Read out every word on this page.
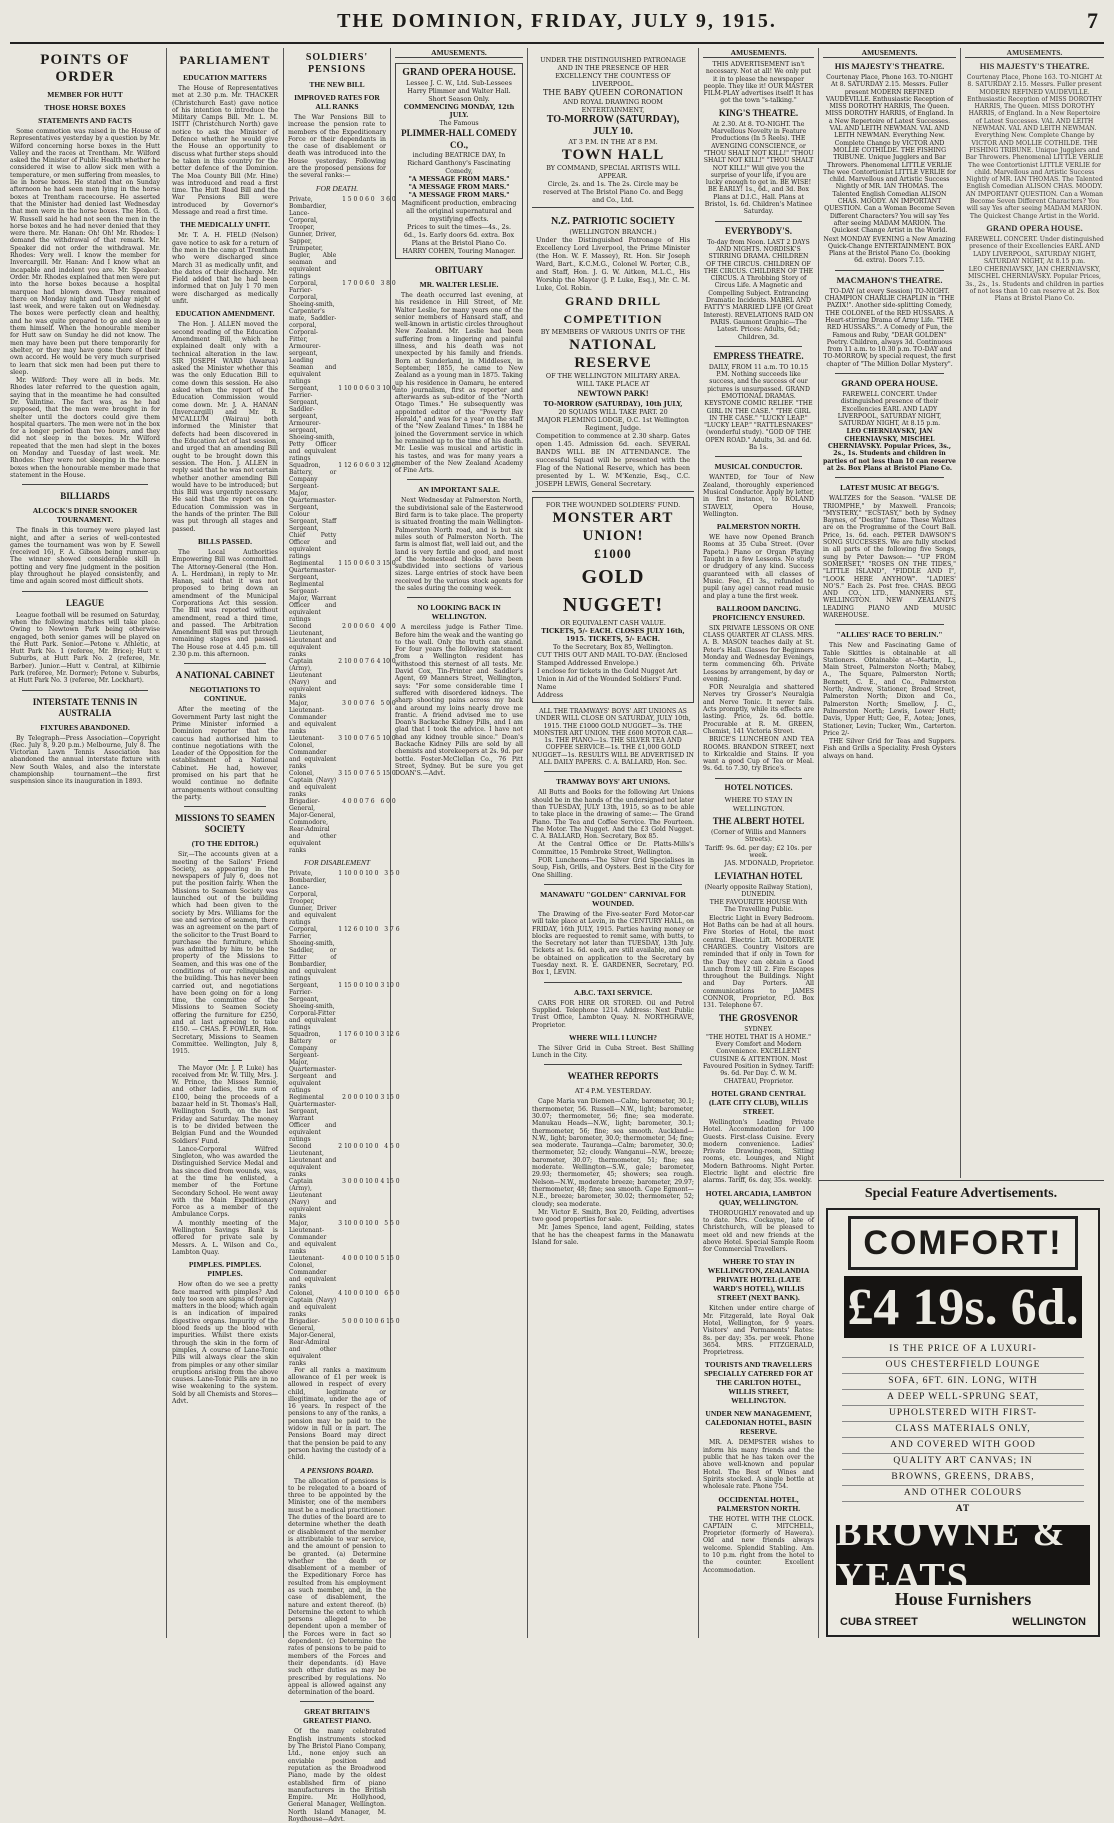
THE DOMINION, FRIDAY, JULY 9, 1915.	7
POINTS OF ORDER
MEMBER FOR HUTT
THOSE HORSE BOXES
STATEMENTS AND FACTS

Some commotion was raised in the House of Representatives yesterday by a question by Mr. Wilford concerning horse boxes in the Hutt Valley and the races at Trentham. Mr. Wilford asked the Minister of Public Health whether he considered it wise to allow sick men with a temperature, or men suffering from measles, to lie in horse boxes. He stated that on Sunday afternoon he had seen men lying in the horse boxes at Trentham racecourse. He asserted that the Minister had denied last Wednesday that men were in the horse boxes. The Hon. G. W. Russell said he had not seen the men in the horse boxes and he had never denied that they were there. Mr. Hanan: Oh! Oh! Mr. Rhodes: I demand the withdrawal of that remark. Mr. Speaker did not order the withdrawal. Mr. Rhodes: Very well. I know the member for Invercargill. Mr. Hanan: And I know what an incapable and indolent you are. Mr. Speaker: Order. Mr. Rhodes explained that men were put into the horse boxes because a hospital marquee had blown down. They remained there on Monday night and Tuesday night of last week, and were taken out on Wednesday. The boxes were perfectly clean and healthy, and he was quite prepared to go and sleep in them himself. When the honourable member for Hutt saw on Sunday he did not know. The men may have been put there temporarily for shelter, or they may have gone there of their own accord. He would be very much surprised to learn that sick men had been put there to sleep.

Mr. Wilford: They were all in beds. Mr. Rhodes later referred to the question again, saying that in the meantime he had consulted Dr. Valintine. The fact was, as he had supposed, that the men were brought in for shelter until the doctors could give them hospital quarters. The men were not in the box for a longer period than two hours, and they did not sleep in the boxes. Mr. Wilford repeated that the men had slept in the boxes on Monday and Tuesday of last week. Mr. Rhodes: They were not sleeping in the horse boxes when the honourable member made that statement in the House.

BILLIARDS
ALCOCK'S DINER SNOOKER TOURNAMENT.

The finals in this tourney were played last night, and after a series of well-contested games the tournament was won by F. Sewell (received 16), F. A. Gibson being runner-up. The winner showed considerable skill in potting and very fine judgment in the position play throughout he played consistently, and time and again scored most difficult shots.

LEAGUE

League football will be resumed on Saturday, when the following matches will take place. Owing to Newtown Park being otherwise engaged, both senior games will be played on the Hutt Park. Senior.—Petone v. Athletic, at Hutt Park No. 1 (referee, Mr. Brice); Hutt v. Suburbs, at Hutt Park No. 2 (referee, Mr. Barber). Junior.—Hutt v. Central, at Kilbirnie Park (referee, Mr. Dormer); Petone v. Suburbs, at Hutt Park No. 3 (referee, Mr. Lockhart).

INTERSTATE TENNIS IN AUSTRALIA
FIXTURES ABANDONED.

By Telegraph—Press Association—Copyright (Rec. July 8, 9.20 p.m.) Melbourne, July 8. The Victorian Lawn Tennis Association has abandoned the annual interstate fixture with New South Wales, and also the interstate championship tournament—the first suspension since its inauguration in 1893.

PARLIAMENT
EDUCATION MATTERS

The House of Representatives met at 2.30 p.m. Mr. THACKER (Christchurch East) gave notice of his intention to introduce the Military Camps Bill. Mr. L. M. ISITT (Christchurch North) gave notice to ask the Minister of Defence whether he would give the House an opportunity to discuss what further steps should be taken in this country for the better defence of the Dominion. The Moa County Bill (Mr. Hine) was introduced and read a first time. The Hutt Road Bill and the War Pensions Bill were introduced by Governor's Message and read a first time.

THE MEDICALLY UNFIT.

Mr. T. A. H. FIELD (Nelson) gave notice to ask for a return of the men in the camp at Trentham who were discharged since March 31 as medically unfit, and the dates of their discharge. Mr. Field added that he had been informed that on July 1 70 men were discharged as medically unfit.

EDUCATION AMENDMENT.

The Hon. J. ALLEN moved the second reading of the Education Amendment Bill, which he explained dealt only with a technical alteration in the law. SIR JOSEPH WARD (Awarua) asked the Minister whether this was the only Education Bill to come down this session. He also asked when the report of the Education Commission would come down. Mr. J. A. HANAN (Invercargill) and Mr. R. M'CALLUM (Wairau) both informed the Minister that defects had been discovered in the Education Act of last session, and urged that an amending Bill ought to be brought down this session. The Hon. J. ALLEN in reply said that he was not certain whether another amending Bill would have to be introduced; but this Bill was urgently necessary. He said that the report on the Education Commission was in the hands of the printer. The Bill was put through all stages and passed.

BILLS PASSED.

The Local Authorities Empowering Bill was committed. The Attorney-General (the Hon. A. L. Herdman), in reply to Mr. Hanan, said that it was not proposed to bring down an amendment of the Municipal Corporations Act this session. The Bill was reported without amendment, read a third time, and passed. The Arbitration Amendment Bill was put through remaining stages and passed. The House rose at 4.45 p.m. till 2.30 p.m. this afternoon.

A NATIONAL CABINET
NEGOTIATIONS TO CONTINUE.

After the meeting of the Government Party last night the Prime Minister informed a Dominion reporter that the caucus had authorised him to continue negotiations with the Leader of the Opposition for the establishment of a National Cabinet. He had, however, promised on his part that he would continue no definite arrangements without consulting the party.

MISSIONS TO SEAMEN SOCIETY
(TO THE EDITOR.)

Sir,—The accounts given at a meeting of the Sailors' Friend Society, as appearing in the newspapers of July 6, does not put the position fairly. When the Missions to Seamen Society was launched out of the building which had been given to the society by Mrs. Williams for the use and service of seamen, there was an agreement on the part of the solicitor to the Trust Board to purchase the furniture, which was admitted by him to be the property of the Missions to Seamen, and this was one of the conditions of our relinquishing the building. This has never been carried out, and negotiations have been going on for a long time, the committee of the Missions to Seamen Society offering the furniture for £250, and at last agreeing to take £150. — CHAS. F. FOWLER, Hon. Secretary, Missions to Seamen Committee. Wellington, July 8, 1915.

The Mayor (Mr. J. P. Luke) has received from Mr. W. Tilly, Mrs. J. W. Prince, the Misses Rennie, and other ladies, the sum of £100, being the proceeds of a bazaar held in St. Thomas's Hall, Wellington South, on the last Friday and Saturday. The money is to be divided between the Belgian Fund and the Wounded Soldiers' Fund.

Lance-Corporal Wilfred Singleton, who was awarded the Distinguished Service Medal and has since died from wounds, was, at the time he enlisted, a member of the Fortune Secondary School. He went away with the Main Expeditionary Force as a member of the Ambulance Corps.

A monthly meeting of the Wellington Savings Bank is offered for private sale by Messrs. A. L. Wilson and Co., Lambton Quay.

PIMPLES. PIMPLES. PIMPLES.

How often do we see a pretty face marred with pimples? And only too soon are signs of foreign matters in the blood; which again is an indication of impaired digestive organs. Impurity of the blood feeds up the blood with impurities. Whilst there exists through the skin in the form of pimples, A course of Lane-Tonic Pills will always clear the skin from pimples or any other similar eruptions arising from the above causes. Lane-Tonic Pills are in no wise weakening to the system. Sold by all Chemists and Stores—Advt.

SOLDIERS' PENSIONS
THE NEW BILL
IMPROVED RATES FOR ALL RANKS

The War Pensions Bill to increase the pension rate to members of the Expeditionary Force or their dependants in the case of disablement or death was introduced into the House yesterday. Following are the proposed pensions for the several ranks:—

FOR DEATH.
Private, Bombardier, Lance-Corporal, Trooper, Gunner, Driver, Sapper, Trumpeter, Bugler, Able seaman and equivalent ratings	1 5 0	0 6 0	3 6 0
Corporal, Farrier-Corporal, Shoeing-smith, Carpenter's mate, Saddler-corporal, Corporal-Fitter, Armourer-sergeant, Leading Seaman and equivalent ratings	1 7 0	0 6 0	3 8 0
Sergeant, Farrier-Sergeant, Saddler-sergeant, Armourer-sergeant, Shoeing-smith, Petty Officer and equivalent ratings	1 10 0	0 6 0	3 10 0
Squadron, Battery, or Company Sergeant-Major, Quartermaster-Sergeant, Colour Sergeant, Staff Sergeant, Chief Petty Officer and equivalent ratings	1 12 6	0 6 0	3 12 6
Regimental Quartermaster-Sergeant, Regimental Sergeant-Major, Warrant Officer and equivalent ratings	1 15 0	0 6 0	3 15 0
Second Lieutenant, Lieutenant and equivalent ranks	2 0 0	0 6 0	4 0 0
Captain (Army), Lieutenant (Navy) and equivalent ranks	2 10 0	0 7 6	4 10 0
Major, Lieutenant-Commander and equivalent ranks	3 0 0	0 7 6	5 0 0
Lieutenant-Colonel, Commander and equivalent ranks	3 10 0	0 7 6	5 10 0
Colonel, Captain (Navy) and equivalent ranks	3 15 0	0 7 6	5 15 0
Brigadier-General, Major-General, Commodore, Rear-Admiral and other equivalent ranks	4 0 0	0 7 6	6 0 0
FOR DISABLEMENT
Private, Bombardier, Lance-Corporal, Trooper, Gunner, Driver and equivalent ratings	1 10 0	0 10 0	3 5 0
Corporal, Farrier, Shoeing-smith, Saddler, or Fitter of Bombardier, and equivalent ratings	1 12 6	0 10 0	3 7 6
Sergeant, Farrier-Sergeant, Shoeing-smith, Corporal-Fitter and equivalent ratings	1 15 0	0 10 0	3 10 0
Squadron, Battery or Company Sergeant-Major, Quartermaster-Sergeant and equivalent ratings	1 17 6	0 10 0	3 12 6
Regimental Quartermaster-Sergeant, Warrant Officer and equivalent ratings	2 0 0	0 10 0	3 15 0
Second Lieutenant, Lieutenant and equivalent ranks	2 10 0	0 10 0	4 5 0
Captain (Army), Lieutenant (Navy) and equivalent ranks	3 0 0	0 10 0	4 15 0
Major, Lieutenant-Commander and equivalent ranks	3 10 0	0 10 0	5 5 0
Lieutenant-Colonel, Commander and equivalent ranks	4 0 0	0 10 0	5 15 0
Colonel, Captain (Navy) and equivalent ranks	4 10 0	0 10 0	6 5 0
Brigadier-General, Major-General, Rear-Admiral and other equivalent ranks	5 0 0	0 10 0	6 15 0

For all ranks a maximum allowance of £1 per week is allowed in respect of every child, legitimate or illegitimate, under the age of 16 years. In respect of the pensions to any of the ranks, a pension may be paid to the widow in full or in part. The Pensions Board may direct that the pension be paid to any person having the custody of a child.

A PENSIONS BOARD.

The allocation of pensions is to be relegated to a board of three to be appointed by the Minister, one of the members must be a medical practitioner. The duties of the board are to determine whether the death or disablement of the member is attributable to war service, and the amount of pension to be granted. (a) Determine whether the death or disablement of a member of the Expeditionary Force has resulted from his employment as such member, and, in the case of disablement, the nature and extent thereof. (b) Determine the extent to which persons alleged to be dependent upon a member of the Forces were in fact so dependent. (c) Determine the rates of pensions to be paid to members of the Forces and their dependants. (d) Have such other duties as may be prescribed by regulations. No appeal is allowed against any determination of the board.

GREAT BRITAIN'S GREATEST PIANO.

Of the many celebrated English instruments stocked by The Bristol Piano Company, Ltd., none enjoy such an enviable position and reputation as the Broadwood Piano, made by the oldest established firm of piano manufacturers in the British Empire. Mr. Hollyhood, General Manager, Wellington. North Island Manager, M. Roydhouse—Advt.

AMUSEMENTS.
GRAND OPERA HOUSE.
Lessee J. C. W., Ltd. Sub-Lessees Harry Plimmer and Walter Hall.
Short Season Only.
COMMENCING MONDAY, 12th JULY.
The Famous
PLIMMER-HALL COMEDY CO.,
including BEATRICE DAY, In Richard Ganthony's Fascinating Comedy,
"A MESSAGE FROM MARS."
"A MESSAGE FROM MARS."
"A MESSAGE FROM MARS."
Magnificent production, embracing all the original supernatural and mystifying effects.
Prices to suit the times—4s., 2s. 6d., 1s. Early doors 6d. extra. Box Plans at the Bristol Piano Co. HARRY COHEN, Touring Manager.
OBITUARY
MR. WALTER LESLIE.

The death occurred last evening, at his residence in Hill Street, of Mr. Walter Leslie, for many years one of the senior members of Hansard staff, and well-known in artistic circles throughout New Zealand. Mr. Leslie had been suffering from a lingering and painful illness, and his death was not unexpected by his family and friends. Born at Sunderland, in Middlesex, in September, 1855, he came to New Zealand as a young man in 1875. Taking up his residence in Oamaru, he entered into journalism, first as reporter and afterwards as sub-editor of the "North Otago Times." He subsequently was appointed editor of the "Poverty Bay Herald," and was for a year on the staff of the "New Zealand Times." In 1884 he joined the Government service in which he remained up to the time of his death. Mr. Leslie was musical and artistic in his tastes, and was for many years a member of the New Zealand Academy of Fine Arts.

AN IMPORTANT SALE.

Next Wednesday at Palmerston North, the subdivisional sale of the Easterwood Bird farm is to take place. The property is situated fronting the main Wellington-Palmerston North road, and is but six miles south of Palmerston North. The farm is almost flat, well laid out, and the land is very fertile and good, and most of the homestead blocks have been subdivided into sections of various sizes. Large entries of stock have been received by the various stock agents for the sales during the coming week.

NO LOOKING BACK IN WELLINGTON.

A merciless judge is Father Time. Before him the weak and the wanting go to the wall. Only the truth can stand. For four years the following statement from a Wellington resident has withstood this sternest of all tests. Mr. David Cox, Tin-Printer and Saddler's Agent, 69 Manners Street, Wellington, says: "For some considerable time I suffered with disordered kidneys. The sharp shooting pains across my back and around my loins nearly drove me frantic. A friend advised me to use Doan's Backache Kidney Pills, and I am glad that I took the advice. I have not had any kidney trouble since." Doan's Backache Kidney Pills are sold by all chemists and storekeepers at 2s. 9d. per bottle. Foster-McClellan Co., 76 Pitt Street, Sydney. But be sure you get DOAN'S.—Advt.

UNDER THE DISTINGUISHED PATRONAGE AND IN THE PRESENCE OF HER EXCELLENCY THE COUNTESS OF LIVERPOOL.
THE BABY QUEEN CORONATION
AND ROYAL DRAWING ROOM ENTERTAINMENT,
TO-MORROW (SATURDAY), JULY 10.
AT 3 P.M. IN THE AT 8 P.M.
TOWN HALL
BY COMMAND, SPECIAL ARTISTS WILL APPEAR.
Circle, 2s. and 1s. The 2s. Circle may be reserved at The Bristol Piano Co. and Begg and Co., Ltd.
N.Z. PATRIOTIC SOCIETY
(WELLINGTON BRANCH.)
Under the Distinguished Patronage of His Excellency Lord Liverpool, the Prime Minister (the Hon. W. F. Massey), Rt. Hon. Sir Joseph Ward, Bart., K.C.M.G., Colonel W. Porter, C.B., and Staff, Hon. J. G. W. Aitken, M.L.C., His Worship the Mayor (J. P. Luke, Esq.), Mr. C. M. Luke, Col. Robin.
GRAND DRILL COMPETITION
BY MEMBERS OF VARIOUS UNITS OF THE
NATIONAL RESERVE
OF THE WELLINGTON MILITARY AREA.
WILL TAKE PLACE AT
NEWTOWN PARK!
TO-MORROW (SATURDAY), 10th JULY,
20 SQUADS WILL TAKE PART. 20
MAJOR FLEMING LODGE, O.C. 1st Wellington Regiment, Judge.
Competition to commence at 2.30 sharp. Gates open 1.45. Admission 6d. each. SEVERAL BANDS WILL BE IN ATTENDANCE. The successful Squad will be presented with the Flag of the National Reserve, which has been presented by L. W. M'Kenzie, Esq., C.C. JOSEPH LEWIS, General Secretary.
FOR THE WOUNDED SOLDIERS' FUND.
MONSTER ART UNION!
£1000
GOLD NUGGET!
OR EQUIVALENT CASH VALUE.
TICKETS, 5/- EACH. CLOSES JULY 16th, 1915. TICKETS, 5/- EACH.
To the Secretary, Box 85, Wellington.
CUT THIS OUT AND MAIL TO-DAY. (Enclosed Stamped Addressed Envelope.)
I enclose for tickets in the Gold Nugget Art Union in Aid of the Wounded Soldiers' Fund.
Name
Address

ALL THE TRAMWAYS' BOYS' ART UNIONS AS UNDER WILL CLOSE ON SATURDAY, JULY 10th, 1915. THE £1000 GOLD NUGGET—3s. THE MONSTER ART UNION. THE £600 MOTOR CAR—1s. THE PIANO—1s. THE SILVER TEA AND COFFEE SERVICE—1s. THE £1,000 GOLD NUGGET—1s. RESULTS WILL BE ADVERTISED IN ALL DAILY PAPERS. C. A. BALLARD, Hon. Sec.

TRAMWAY BOYS' ART UNIONS.

All Butts and Books for the following Art Unions should be in the hands of the undersigned not later than TUESDAY, JULY 13th, 1915, so as to be able to take place in the drawing of same:— The Grand Piano. The Tea and Coffee Service. The Fourteen. The Motor. The Nugget. And the £3 Gold Nugget. C. A. BALLARD, Hon. Secretary, Box 85.

At the Central Office or Dr. Platts-Mills's Committee, 15 Pembroke Street, Wellington.

FOR Luncheons—The Silver Grid Specialises in Soup, Fish, Grills, and Oysters. Best in the City for One Shilling.

MANAWATU "GOLDEN" CARNIVAL FOR WOUNDED.

The Drawing of the Five-seater Ford Motor-car will take place at Levin, in the CENTURY HALL, on FRIDAY, 16th JULY, 1915. Parties having money or blocks are requested to remit same, with butts, to the Secretary not later than TUESDAY, 13th July. Tickets at 1s. 6d. each, are still available, and can be obtained on application to the Secretary by Tuesday next. R. E. GARDENER, Secretary, P.O. Box 1, LEVIN.

A.B.C. TAXI SERVICE.

CARS FOR HIRE OR STORED. Oil and Petrol Supplied. Telephone 1214. Address: Next Public Trust Office, Lambton Quay. N. NORTHGRAVE, Proprietor.

WHERE WILL I LUNCH?

The Silver Grid in Cuba Street. Best Shilling Lunch in the City.

WEATHER REPORTS
AT 4 P.M. YESTERDAY.

Cape Maria van Diemen—Calm; barometer, 30.1; thermometer, 56. Russell—N.W., light; barometer, 30.07; thermometer, 56; fine; sea moderate. Manukau Heads—N.W., light; barometer, 30.1; thermometer, 56; fine; sea smooth. Auckland—N.W., light; barometer, 30.0; thermometer, 54; fine; sea moderate. Tauranga—Calm; barometer, 30.0; thermometer, 52; cloudy. Wanganui—N.W., breeze; barometer, 30.07; thermometer, 51; fine; sea moderate. Wellington—S.W., gale; barometer, 29.93; thermometer, 45; showers; sea rough. Nelson—N.W., moderate breeze; barometer, 29.97; thermometer, 48; fine; sea smooth. Cape Egmont—N.E., breeze; barometer, 30.02; thermometer, 52; cloudy; sea moderate.

Mr. Victor E. Smith, Box 20, Feilding, advertises two good properties for sale.

Mr. James Spence, land agent, Feilding, states that he has the cheapest farms in the Manawatu Island for sale.

AMUSEMENTS.

THIS ADVERTISEMENT isn't necessary. Not at all! We only put it in to please the newspaper people. They like it! OUR MASTER FILM-PLAY advertises itself! It has got the town "s-talking."

KING'S THEATRE.

At 2.30. At 8. TO-NIGHT. The Marvellous Novelty in Feature Productions (In 5 Reels). THE AVENGING CONSCIENCE, or "THOU SHALT NOT KILL!" "THOU SHALT NOT KILL!" "THOU SHALT NOT KILL!" Will give you the surprise of your life, if you are lucky enough to get in. BE WISE! BE EARLY! 1s., 6d., and 3d. Box Plans at D.I.C., Hall. Plans at Bristol, 1s. 6d. Children's Matinee Saturday.

EVERYBODY'S.

To-day from Noon. LAST 2 DAYS AND NIGHTS. NORDISK'S STIRRING DRAMA. CHILDREN OF THE CIRCUS. CHILDREN OF THE CIRCUS. CHILDREN OF THE CIRCUS. A Throbbing Story of Circus Life. A Magnetic and Compelling Subject. Entrancing Dramatic Incidents. MABEL AND FATTY'S MARRIED LIFE (Of Great Interest). REVELATIONS RAID ON PARIS. Gaumont Graphic—The Latest. Prices: Adults, 6d.; Children, 3d.

EMPRESS THEATRE.

DAILY, FROM 11 a.m. TO 10.15 P.M. Nothing succeeds like success, and the success of our pictures is unsurpassed. GRAND EMOTIONAL DRAMAS. KEYSTONE COMIC RELIEF. "THE GIRL IN THE CASE." "THE GIRL IN THE CASE." "LUCKY LEAP." "LUCKY LEAP." "RATTLESNAKES" (wonderful study). "GOD OF THE OPEN ROAD." Adults, 3d. and 6d. Ba 1s.

MUSICAL CONDUCTOR.

WANTED, for Tour of New Zealand, thoroughly experienced Musical Conductor. Apply by letter, in first instance, to ROLAND STAVELY, Opera House, Wellington.

PALMERSTON NORTH.

WE have now Opened Branch Rooms at 35 Cuba Street. (Over Papeta.) Piano or Organ Playing Taught in a few Lessons. No study or drudgery of any kind. Success guaranteed with all classes of Music. Fee, £1 3s., refunded to pupil (any age) cannot read music and play a tune the first week.

BALLROOM DANCING. PROFICIENCY ENSURED.

SIX PRIVATE LESSONS OR ONE CLASS QUARTER AT CLASS. MRS. A. B. MASON teaches daily at St. Peter's Hall. Classes for Beginners Monday and Wednesday Evenings, term commencing 6th. Private Lessons by arrangement, by day or evening.

FOR Neuralgia and shattered Nerves try Grosser's Neuralgia and Nerve Tonic. It never fails. Acts promptly, while its effects are lasting. Price, 2s. 6d. bottle. Procurable at R. M. GREEN, Chemist, 141 Victoria Street.

BRICE'S LUNCHEON AND TEA ROOMS. BRANDON STREET, next to Kirkcaldie and Stains. If you want a good Cup of Tea or Meal. 9s. 6d. to 7.30, try Brice's.

HOTEL NOTICES.
WHERE TO STAY IN WELLINGTON.
THE ALBERT HOTEL

(Corner of Willis and Manners Streets).

Tariff: 9s. 6d. per day; £2 10s. per week.

JAS. M'DONALD, Proprietor.

LEVIATHAN HOTEL

(Nearly opposite Railway Station), DUNEDIN.

THE FAVOURITE HOUSE With The Travelling Public.

Electric Light in Every Bedroom. Hot Baths can be had at all hours. Five Stories of Hotel, the most central. Electric Lift. MODERATE CHARGES. Country Visitors are reminded that if only in Town for the Day they can obtain a Good Lunch from 12 till 2. Fire Escapes throughout the Buildings. Night and Day Porters. All communications to JAMES CONNOR, Proprietor, P.O. Box 131. Telephone 67.

THE GROSVENOR

SYDNEY.

"THE HOTEL THAT IS A HOME." Every Comfort and Modern Convenience. EXCELLENT CUISINE & ATTENTION. Most Favoured Position in Sydney. Tariff: 9s. 6d. Per Day. C. W. M. CHATEAU, Proprietor.

HOTEL GRAND CENTRAL (LATE CITY CLUB), WILLIS STREET.

Wellington's Leading Private Hotel. Accommodation for 100 Guests. First-class Cuisine. Every modern convenience. Ladies' Private Drawing-room, Sitting rooms, etc. Lounges, and Night Modern Bathrooms. Night Porter. Electric light and electric fire alarms. Tariff, 6s. day, 35s. weekly.

HOTEL ARCADIA, LAMBTON QUAY, WELLINGTON.

THOROUGHLY renovated and up to date. Mrs. Cockayne, late of Christchurch, will be pleased to meet old and new friends at the above Hotel. Special Sample Room for Commercial Travellers.

WHERE TO STAY IN WELLINGTON, ZEALANDIA PRIVATE HOTEL (LATE WARD'S HOTEL), WILLIS STREET (NEXT BANK).

Kitchen under entire charge of Mr. Fitzgerald, late Royal Oak Hotel, Wellington, for 9 years. Visitors' and Permanents' Rates: 8s. per day; 35s. per week. Phone 3654. MRS. FITZGERALD, Proprietress.

TOURISTS AND TRAVELLERS SPECIALLY CATERED FOR AT THE CARLTON HOTEL, WILLIS STREET, WELLINGTON.
UNDER NEW MANAGEMENT, CALEDONIAN HOTEL, BASIN RESERVE.

MR. A. DEMPSTER wishes to inform his many friends and the public that he has taken over the above well-known and popular Hotel. The Best of Wines and Spirits stocked. A single bottle at wholesale rate. Phone 754.

OCCIDENTAL HOTEL, PALMERSTON NORTH.

THE HOTEL WITH THE CLOCK. CAPTAIN C. MITCHELL, Proprietor (formerly of Hawera). Old and new friends always welcome. Splendid Stabling. Am. to 10 p.m. right from the hotel to the counter. Excellent Accommodation.

AMUSEMENTS.
HIS MAJESTY'S THEATRE.

Courtenay Place, Phone 163. TO-NIGHT At 8. SATURDAY 2.15. Messrs. Fuller present MODERN REFINED VAUDEVILLE. Enthusiastic Reception of MISS DOROTHY HARRIS, The Queen. MISS DOROTHY HARRIS, of England. In a New Repertoire of Latest Successes. VAL AND LEITH NEWMAN. VAL AND LEITH NEWMAN. Everything New. Complete Change by VICTOR AND MOLLIE COTHILDE. THE FISHING TRIBUNE. Unique Jugglers and Bar Throwers. Phenomenal LITTLE VERLIE The wee Contortionist LITTLE VERLIE for child. Marvellous and Artistic Success Nightly of MR. IAN THOMAS. The Talented English Comedian ALISON CHAS. MOODY. AN IMPORTANT QUESTION. Can a Woman Become Seven Different Characters? You will say Yes after seeing MADAM MARION. The Quickest Change Artist in the World.

Next MONDAY EVENING a New Amazing Quick-Change ENTERTAINMENT. BOX Plans at the Bristol Piano Co. (booking 6d. extra). Doors 7.15.

MACMAHON'S THEATRE.

TO-DAY (at every Session) TO-NIGHT. CHAMPION CHARLIE CHAPLIN in "THE PAZIX!". Another side-splitting Comedy, THE COLONEL of the RED HUSSARS. A Heart-stirring Drama of Army Life. "THE RED HUSSARS.". A Comedy of Fun, the Famous and Ruby, "DEAR GOLDEN" Poetry. Children, always 3d. Continuous from 11 a.m. to 10.30 p.m. TO-DAY and TO-MORROW, by special request, the first chapter of "The Million Dollar Mystery".

GRAND OPERA HOUSE.

FAREWELL CONCERT. Under distinguished presence of their Excellencies EARL AND LADY LIVERPOOL, SATURDAY NIGHT, SATURDAY NIGHT, At 8.15 p.m.

LEO CHERNIAVSKY, JAN CHERNIAVSKY, MISCHEL CHERNIAVSKY. Popular Prices, 3s., 2s., 1s. Students and children in parties of not less than 10 can reserve at 2s. Box Plans at Bristol Piano Co.

LATEST MUSIC AT BEGG'S.

WALTZES for the Season. "VALSE DE TRIOMPHE," by Maxwell. Francois; "MYSTERY," "ECSTASY," both by Sydney Baynes, of "Destiny" fame. These Waltzes are on the Programme of the Court Ball. Price, 1s. 6d. each. PETER DAWSON'S SONG SUCCESSES. We are fully stocked in all parts of the following five Songs, sung by Peter Dawson:— "UP FROM SOMERSET," "ROSES ON THE TIDES," "LITTLE ISLAND", "FIDDLE AND I", "LOOK HERE ANYHOW". "LADIES' NO'S." Each 2s. Post free. CHAS. BEGG AND CO., LTD., MANNERS ST., WELLINGTON. NEW ZEALAND'S LEADING PIANO AND MUSIC WAREHOUSE.

"ALLIES' RACE TO BERLIN."

This New and Fascinating Game of Table Skittles is obtainable at all Stationers. Obtainable at—Martin, L., Main Street, Palmerston North; Mabey, A., The Square, Palmerston North; Bennett, C. E., and Co., Palmerston North; Andrew, Stationer, Broad Street, Palmerston North; Dixon and Co., Palmerston North; Smellow, J. C., Palmerston North; Lewis, Lower Hutt; Davis, Upper Hutt; Gee, F., Aotea; Jones, Stationer, Levin; Tucker, Wm., Carterton. Price 2/-

THE Silver Grid for Teas and Suppers. Fish and Grills a Speciality. Fresh Oysters always on hand.

AMUSEMENTS.
HIS MAJESTY'S THEATRE.

Courtenay Place, Phone 163. TO-NIGHT At 8. SATURDAY 2.15. Messrs. Fuller present MODERN REFINED VAUDEVILLE. Enthusiastic Reception of MISS DOROTHY HARRIS, The Queen. MISS DOROTHY HARRIS, of England. In a New Repertoire of Latest Successes. VAL AND LEITH NEWMAN. VAL AND LEITH NEWMAN. Everything New. Complete Change by VICTOR AND MOLLIE COTHILDE. THE FISHING TRIBUNE. Unique Jugglers and Bar Throwers. Phenomenal LITTLE VERLIE The wee Contortionist LITTLE VERLIE for child. Marvellous and Artistic Success Nightly of MR. IAN THOMAS. The Talented English Comedian ALISON CHAS. MOODY. AN IMPORTANT QUESTION. Can a Woman Become Seven Different Characters? You will say Yes after seeing MADAM MARION. The Quickest Change Artist in the World.

GRAND OPERA HOUSE.

FAREWELL CONCERT. Under distinguished presence of their Excellencies EARL AND LADY LIVERPOOL, SATURDAY NIGHT, SATURDAY NIGHT, At 8.15 p.m.

LEO CHERNIAVSKY, JAN CHERNIAVSKY, MISCHEL CHERNIAVSKY. Popular Prices, 3s., 2s., 1s. Students and children in parties of not less than 10 can reserve at 2s. Box Plans at Bristol Piano Co.

Special Feature Advertisements.
COMFORT!
£4 19s. 6d.
IS THE PRICE OF A LUXURI-
OUS CHESTERFIELD LOUNGE
SOFA, 6FT. 6IN. LONG, WITH
A DEEP WELL-SPRUNG SEAT,
UPHOLSTERED WITH FIRST-
CLASS MATERIALS ONLY,
AND COVERED WITH GOOD
QUALITY ART CANVAS; IN
BROWNS, GREENS, DRABS,
AND OTHER COLOURS
AT
BROWNE & YEATS
House Furnishers
CUBA STREET	WELLINGTON
